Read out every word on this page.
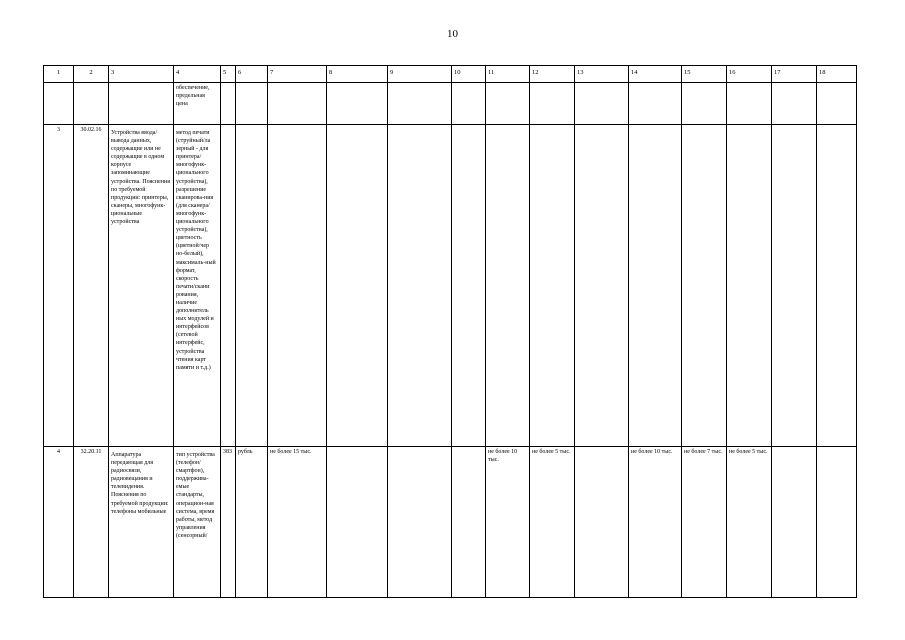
10
1	2	3	4	5	6	7	8	9	10	11	12	13	14	15	16	17	18

			обеспечение, предельная цена														

3	30.02.16	Устройства ввода/вывода данных, содержащие или не содержащие в одном корпусе запоминающие устройства. Пояснения по требуемой продукции: принтеры, сканеры, многофунк-циональные устройства	метод печати (струйный/ла зерный - для принтера/ многофунк-ционального устройства), разрешение сканирова-ния (для сканера/ многофунк-ционального устройства), цветность (цветной/чер но-белый), максималь-ный формат, скорость печати/скани рования, наличие дополнитель ных модулей и интерфейсов (сетевой интерфейс, устройства чтения карт памяти и т.д.)														

4	32.20.11	Аппаратура передающая для радиосвязи, радиовещания и телевидения. Пояснения по требуемой продукции: телефоны мобильные	тип устройства (телефон/ смартфон), поддержива-емые стандарты, операцион-ная система, время работы, метод управления (сенсорный/	383	рубль	не более 15 тыс.				не более 10 тыс.	не более 5 тыс.		не более 10 тыс.	не более 7 тыс.	не более 5 тыс.		
